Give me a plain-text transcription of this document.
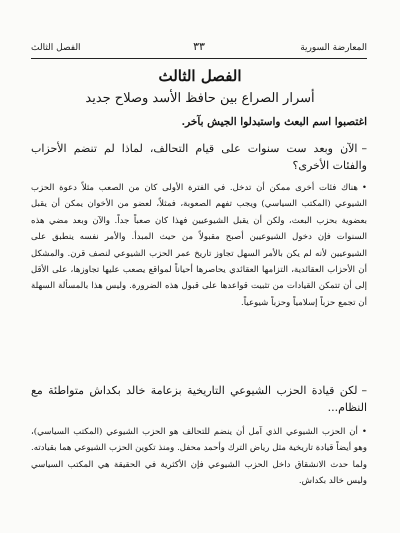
المعارضة السورية
٣٣
الفصل الثالث
الفصل الثالث
أسرار الصراع بين حافظ الأسد وصلاح جديد
اغتصبوا اسم البعث واستبدلوا الجيش بآخر.
–الآن وبعد ست سنوات على قيام التحالف، لماذا لم تنضم الأحزاب والفئات الأخرى؟
•هناك فئات أخرى ممكن أن تدخل. في الفترة الأولى كان من الصعب مثلاً دعوة الحزب الشيوعي (المكتب السياسي) ويجب تفهم الصعوبة، فمثلاً، لعضو من الأخوان يمكن أن يقبل بعضوية بحزب البعث، ولكن أن يقبل الشيوعيين فهذا كان صعباً جداً. والآن وبعد مضي هذه السنوات فإن دخول الشيوعيين أصبح مقبولاً من حيث المبدأ. والأمر نفسه ينطبق على الشيوعيين لأنه لم يكن بالأمر السهل تجاوز تاريخ عمر الحزب الشيوعي لنصف قرن. والمشكل أن الأحزاب العقائدية، التزامها العقائدي يحاصرها أحياناً لمواقع يصعب عليها تجاوزها، على الأقل إلى أن تتمكن القيادات من تثبيت قواعدها على قبول هذه الضرورة. وليس هذا بالمسألة السهلة أن تجمع حزباً إسلامياً وحزباً شيوعياً.
–لكن قيادة الحزب الشيوعي التاريخية بزعامة خالد بكداش متواطئة مع النظام...
•أن الحزب الشيوعي الذي آمل أن ينضم للتحالف هو الحزب الشيوعي (المكتب السياسي)، وهو أيضاً قيادة تاريخية مثل رياض الترك وأحمد محفل. ومنذ تكوين الحزب الشيوعي هما بقيادته. ولما حدث الانشقاق داخل الحزب الشيوعي فإن الأكثرية في الحقيقة هي المكتب السياسي وليس خالد بكداش.
